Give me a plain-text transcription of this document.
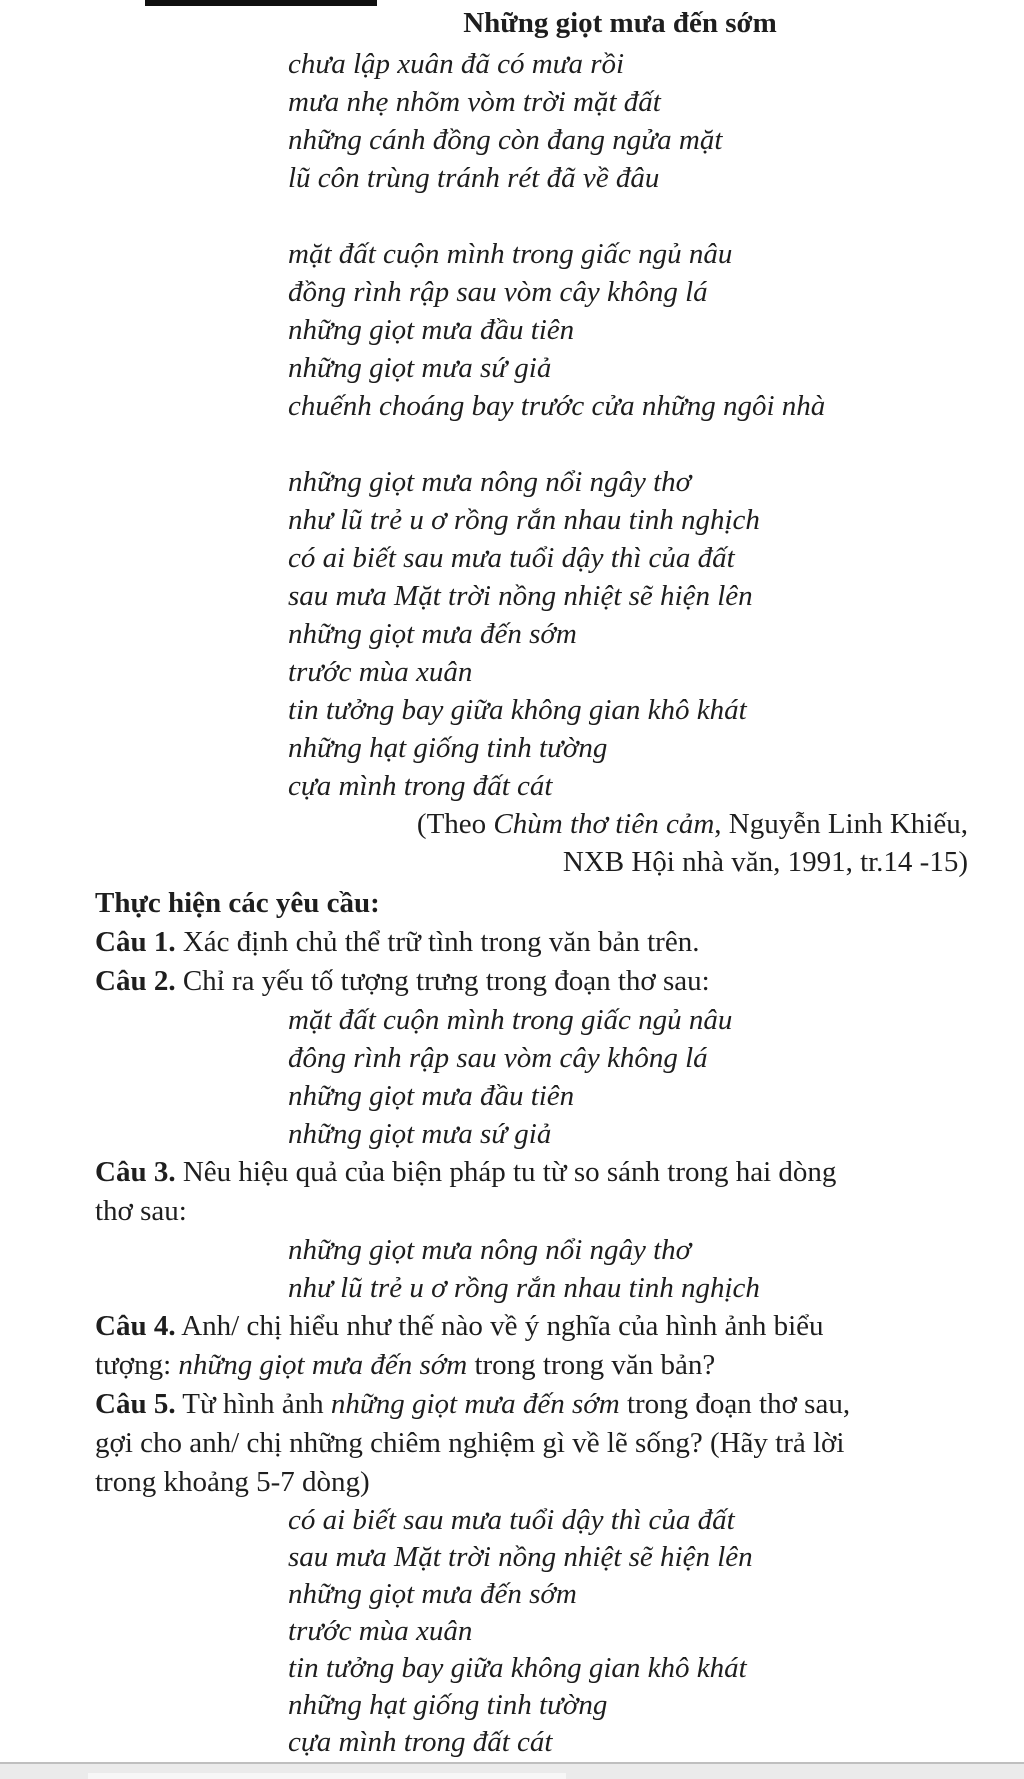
Những giọt mưa đến sớm
chưa lập xuân đã có mưa rồi
mưa nhẹ nhõm vòm trời mặt đất
những cánh đồng còn đang ngửa mặt
lũ côn trùng tránh rét đã về đâu
mặt đất cuộn mình trong giấc ngủ nâu
đồng rình rập sau vòm cây không lá
những giọt mưa đầu tiên
những giọt mưa sứ giả
chuếnh choáng bay trước cửa những ngôi nhà
những giọt mưa nông nổi ngây thơ
như lũ trẻ u ơ rồng rắn nhau tinh nghịch
có ai biết sau mưa tuổi dậy thì của đất
sau mưa Mặt trời nồng nhiệt sẽ hiện lên
những giọt mưa đến sớm
trước mùa xuân
tin tưởng bay giữa không gian khô khát
những hạt giống tinh tường
cựa mình trong đất cát
(Theo Chùm thơ tiên cảm, Nguyễn Linh Khiếu,
NXB Hội nhà văn, 1991, tr.14 -15)
Thực hiện các yêu cầu:
Câu 1. Xác định chủ thể trữ tình trong văn bản trên.
Câu 2. Chỉ ra yếu tố tượng trưng trong đoạn thơ sau:
mặt đất cuộn mình trong giấc ngủ nâu
đông rình rập sau vòm cây không lá
những giọt mưa đầu tiên
những giọt mưa sứ giả
Câu 3. Nêu hiệu quả của biện pháp tu từ so sánh trong hai dòng
thơ sau:
những giọt mưa nông nổi ngây thơ
như lũ trẻ u ơ rồng rắn nhau tinh nghịch
Câu 4. Anh/ chị hiểu như thế nào về ý nghĩa của hình ảnh biểu
tượng: những giọt mưa đến sớm trong trong văn bản?
Câu 5. Từ hình ảnh những giọt mưa đến sớm trong đoạn thơ sau,
gợi cho anh/ chị những chiêm nghiệm gì về lẽ sống? (Hãy trả lời
trong khoảng 5-7 dòng)
có ai biết sau mưa tuổi dậy thì của đất
sau mưa Mặt trời nồng nhiệt sẽ hiện lên
những giọt mưa đến sớm
trước mùa xuân
tin tưởng bay giữa không gian khô khát
những hạt giống tinh tường
cựa mình trong đất cát
